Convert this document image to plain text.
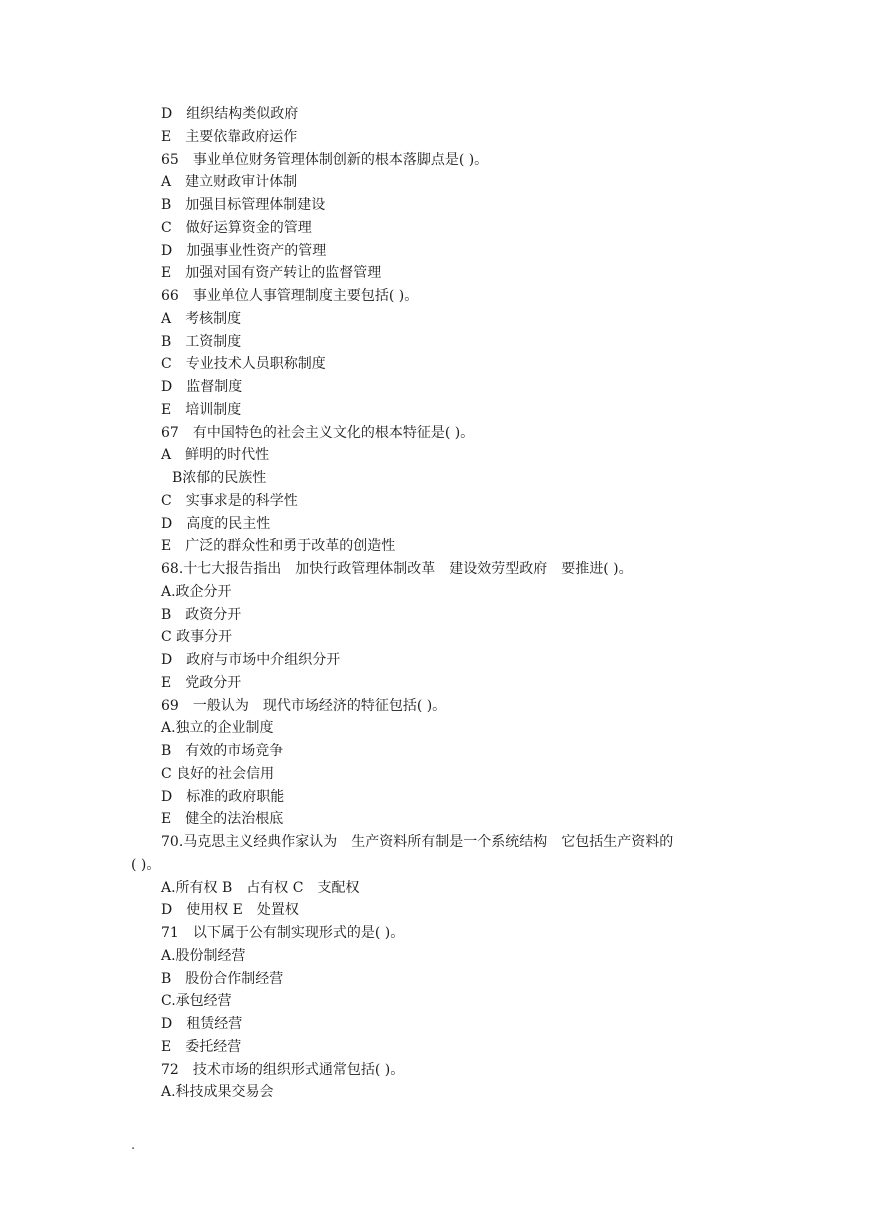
D　组织结构类似政府
E　主要依靠政府运作
65　事业单位财务管理体制创新的根本落脚点是( )。
A　建立财政审计体制
B　加强目标管理体制建设
C　做好运算资金的管理
D　加强事业性资产的管理
E　加强对国有资产转让的监督管理
66　事业单位人事管理制度主要包括( )。
A　考核制度
B　工资制度
C　专业技术人员职称制度
D　监督制度
E　培训制度
67　有中国特色的社会主义文化的根本特征是( )。
A　鲜明的时代性
B浓郁的民族性
C　实事求是的科学性
D　高度的民主性
E　广泛的群众性和勇于改革的创造性
68.十七大报告指出　加快行政管理体制改革　建设效劳型政府　要推进( )。
A.政企分开
B　政资分开
C 政事分开
D　政府与市场中介组织分开
E　党政分开
69　一般认为　现代市场经济的特征包括( )。
A.独立的企业制度
B　有效的市场竞争
C 良好的社会信用
D　标准的政府职能
E　健全的法治根底
70.马克思主义经典作家认为　生产资料所有制是一个系统结构　它包括生产资料的
( )。
A.所有权 B　占有权 C　支配权
D　使用权 E　处置权
71　以下属于公有制实现形式的是( )。
A.股份制经营
B　股份合作制经营
C.承包经营
D　租赁经营
E　委托经营
72　技术市场的组织形式通常包括( )。
A.科技成果交易会
.
